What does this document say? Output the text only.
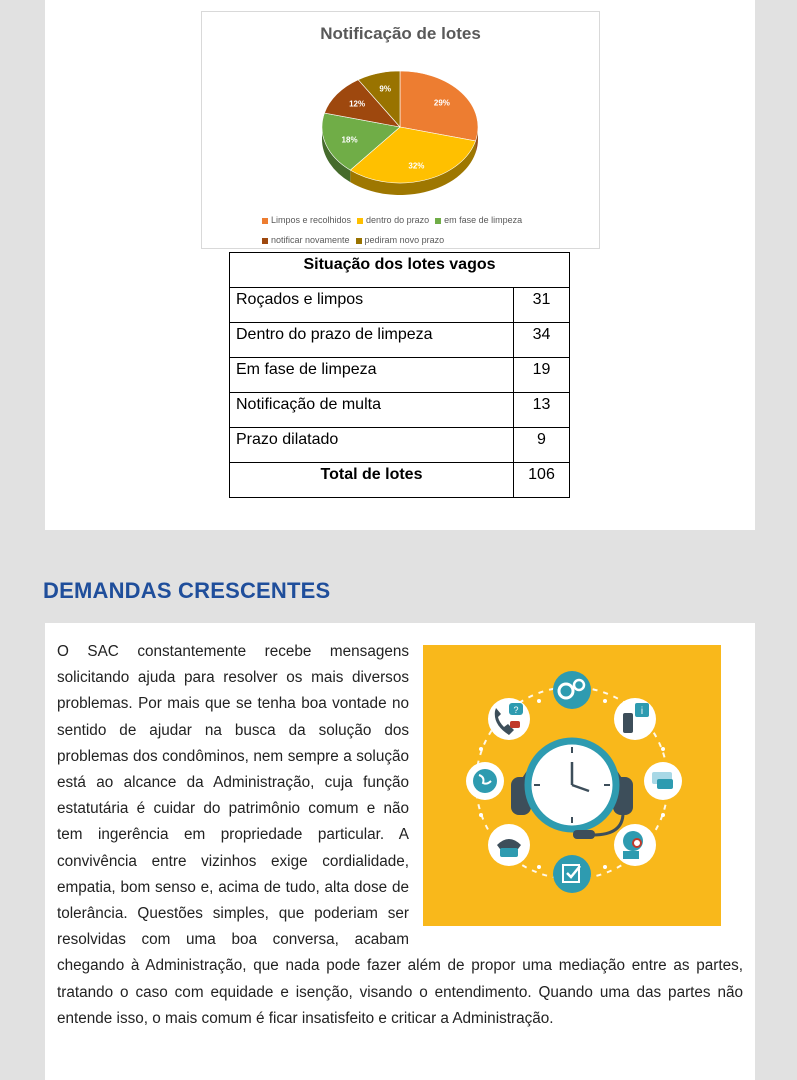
Notificação de lotes
29%
32%
18%
12%
9%
Limpos e recolhidos dentro do prazo em fase de limpeza
notificar novamente pediram novo prazo
Situação dos lotes vagos	
Roçados e limpos	31
Dentro do prazo de limpeza	34
Em fase de limpeza	19
Notificação de multa	13
Prazo dilatado	9
Total de lotes	106
DEMANDAS CRESCENTES
i
?
O SAC constantemente recebe mensagens solicitando ajuda para resolver os mais diversos problemas. Por mais que se tenha boa vontade no sentido de ajudar na busca da solução dos problemas dos condôminos, nem sempre a solução está ao alcance da Administração, cuja função estatutária é cuidar do patrimônio comum e não tem ingerência em propriedade particular. A convivência entre vizinhos exige cordialidade, empatia, bom senso e, acima de tudo, alta dose de tolerância. Questões simples, que poderiam ser resolvidas com uma boa conversa, acabam chegando à Administração, que nada pode fazer além de propor uma mediação entre as partes, tratando o caso com equidade e isenção, visando o entendimento. Quando uma das partes não entende isso, o mais comum é ficar insatisfeito e criticar a Administração.
